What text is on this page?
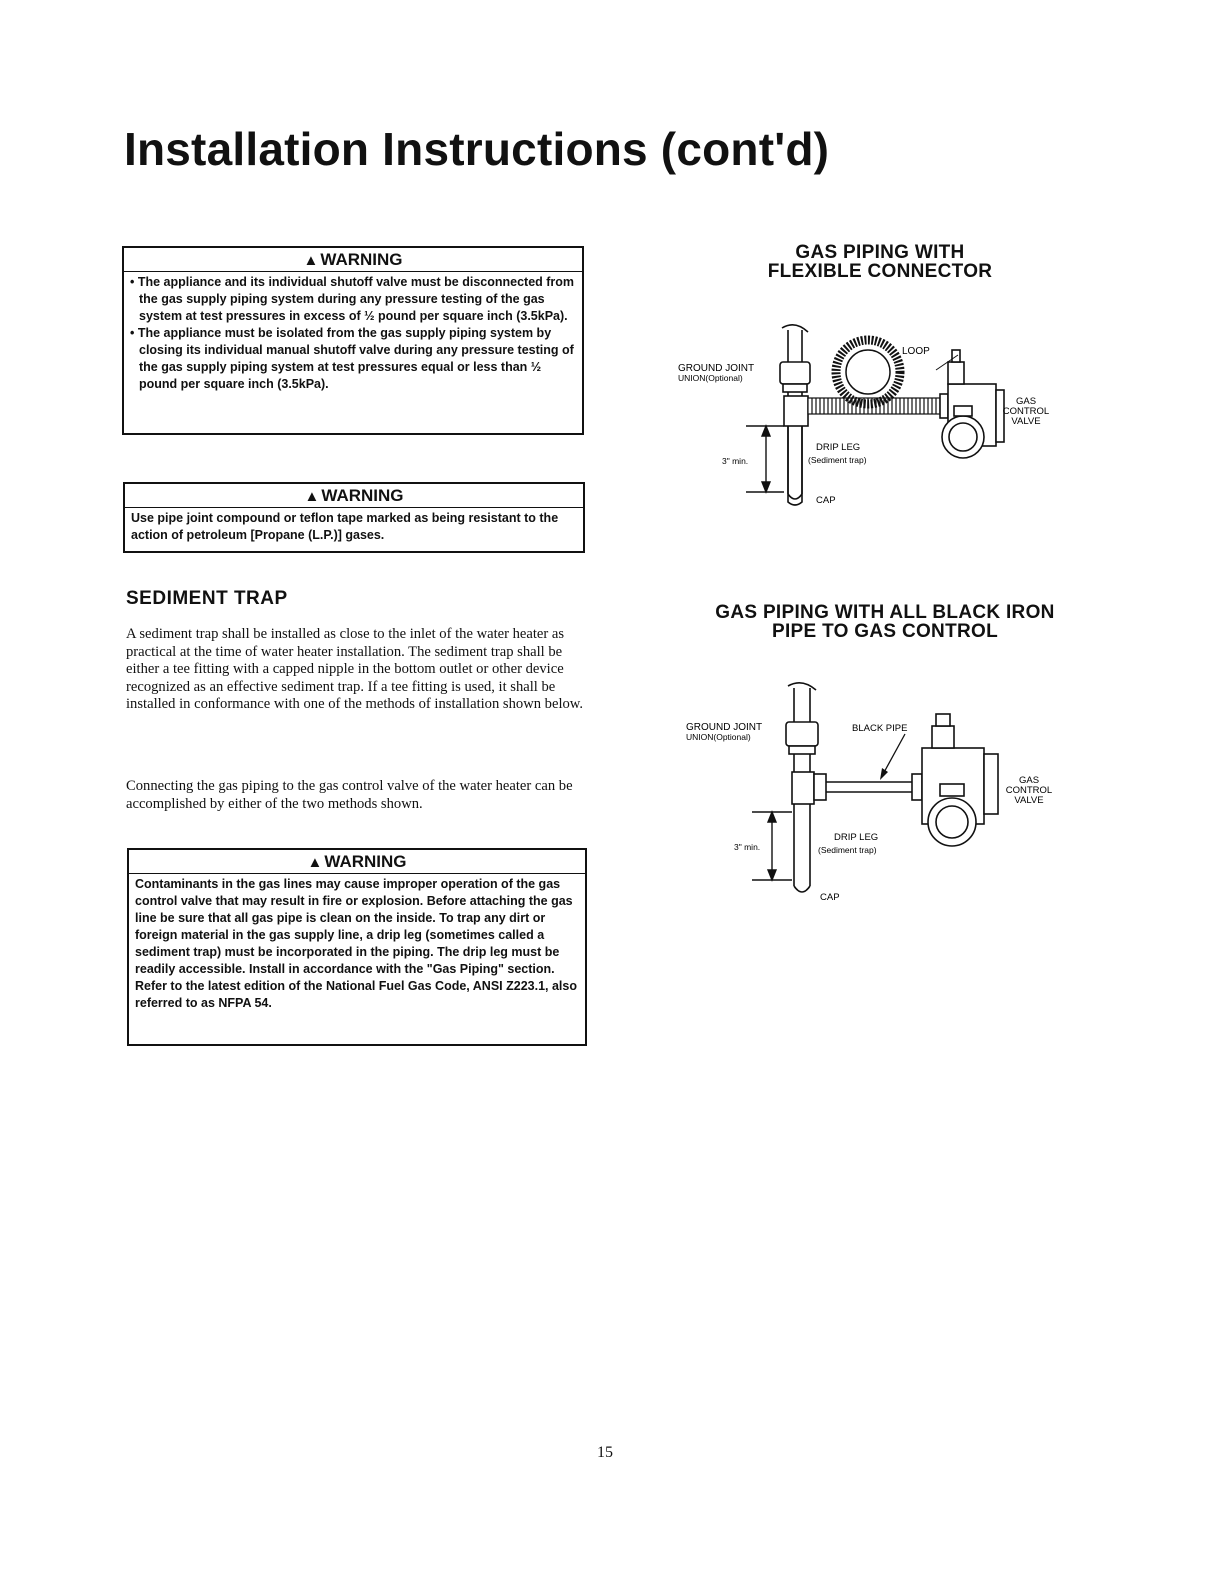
Installation Instructions (cont'd)
▲ WARNING

• The appliance and its individual shutoff valve must be disconnected from the gas supply piping system during any pressure testing of the gas system at test pressures in excess of ½ pound per square inch (3.5kPa).

• The appliance must be isolated from the gas supply piping system by closing its individual manual shutoff valve during any pressure testing of the gas supply piping system at test pressures equal or less than ½ pound per square inch (3.5kPa).

▲ WARNING

Use pipe joint compound or teflon tape marked as being resistant to the action of petroleum [Propane (L.P.)] gases.

SEDIMENT TRAP

A sediment trap shall be installed as close to the inlet of the water heater as practical at the time of water heater installation. The sediment trap shall be either a tee fitting with a capped nipple in the bottom outlet or other device recognized as an effective sediment trap. If a tee fitting is used, it shall be installed in conformance with one of the methods of installation shown below.

Connecting the gas piping to the gas control valve of the water heater can be accomplished by either of the two methods shown.

▲ WARNING

Contaminants in the gas lines may cause improper operation of the gas control valve that may result in fire or explosion. Before attaching the gas line be sure that all gas pipe is clean on the inside. To trap any dirt or foreign material in the gas supply line, a drip leg (sometimes called a sediment trap) must be incorporated in the piping. The drip leg must be readily accessible. Install in accordance with the "Gas Piping" section. Refer to the latest edition of the National Fuel Gas Code, ANSI Z223.1, also referred to as NFPA 54.

GAS PIPING WITH
FLEXIBLE CONNECTOR
GROUND JOINT
UNION(Optional)
LOOP
GAS
CONTROL
VALVE
DRIP LEG
(Sediment trap)
3" min.
CAP
GAS PIPING WITH ALL BLACK IRON
PIPE TO GAS CONTROL
GROUND JOINT
UNION(Optional)
BLACK PIPE
GAS
CONTROL
VALVE
DRIP LEG
(Sediment trap)
3" min.
CAP
15
